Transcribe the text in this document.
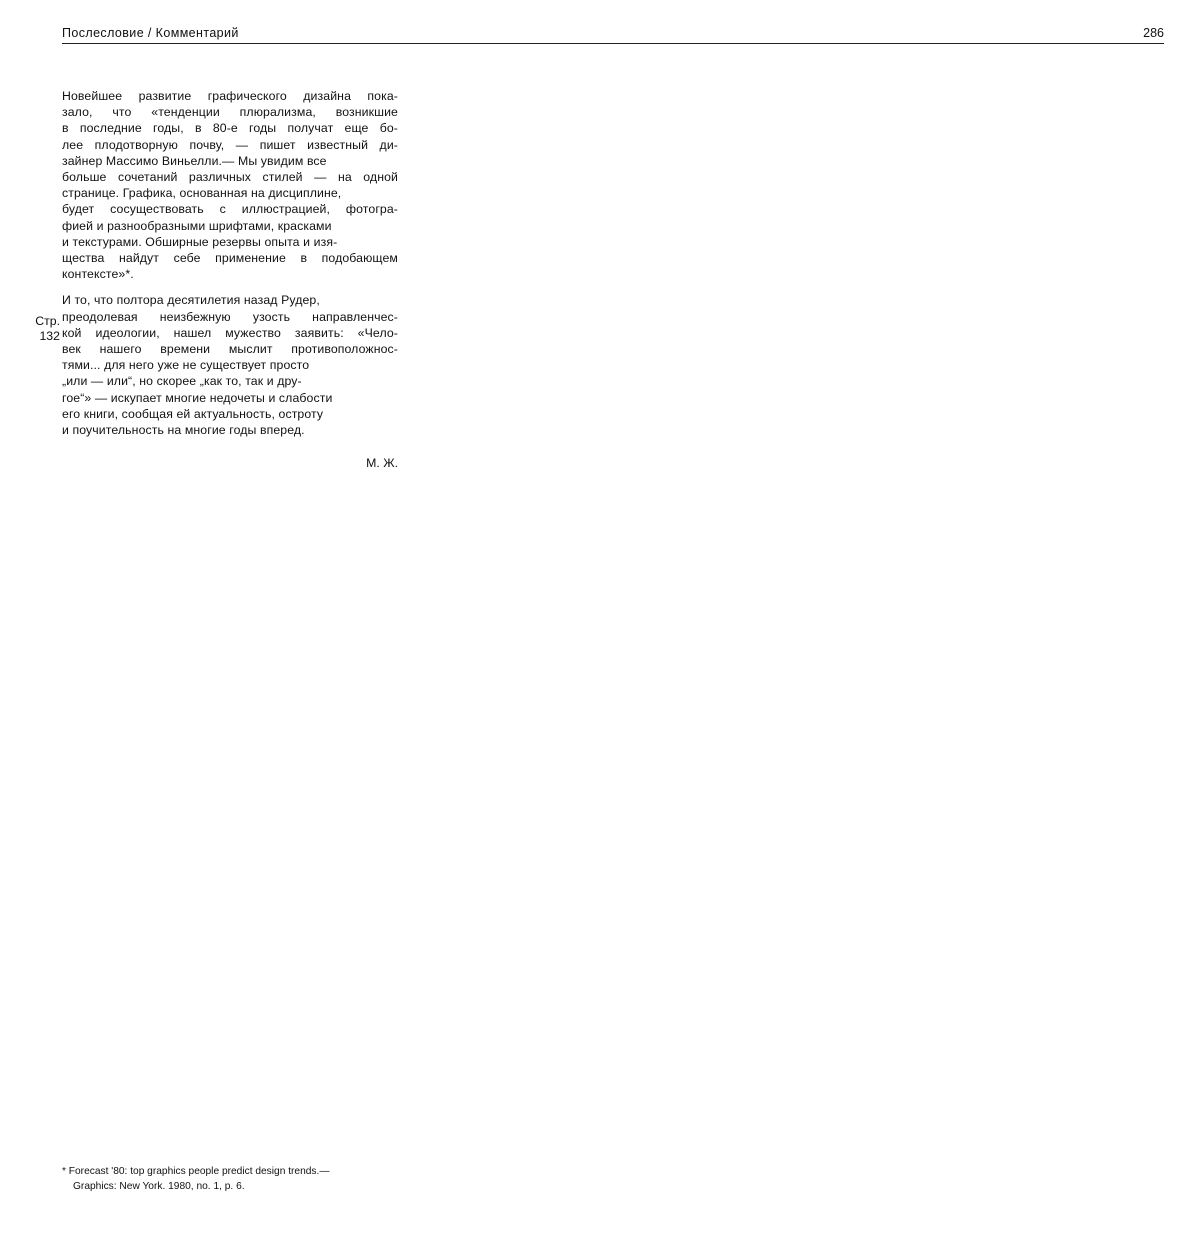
Послесловие / Комментарий	286
Новейшее развитие графического дизайна пока-
зало, что «тенденции плюрализма, возникшие
в последние годы, в 80-е годы получат еще бо-
лее плодотворную почву, — пишет известный ди-
зайнер Массимо Виньелли.— Мы увидим все
больше сочетаний различных стилей — на одной
странице. Графика, основанная на дисциплине,
будет сосуществовать с иллюстрацией, фотогра-
фией и разнообразными шрифтами, красками
и текстурами. Обширные резервы опыта и изя-
щества найдут себе применение в подобающем
контексте»*.
И то, что полтора десятилетия назад Рудер,
преодолевая неизбежную узость направленчес-
кой идеологии, нашел мужество заявить: «Чело-
век нашего времени мыслит противоположнос-
тями... для него уже не существует просто
„или — или“, но скорее „как то, так и дру-
гое“» — искупает многие недочеты и слабости
его книги, сообщая ей актуальность, остроту
и поучительность на многие годы вперед.
Стр.
132
М. Ж.
* Forecast '80: top graphics people predict design trends.—
Graphics: New York. 1980, no. 1, p. 6.
